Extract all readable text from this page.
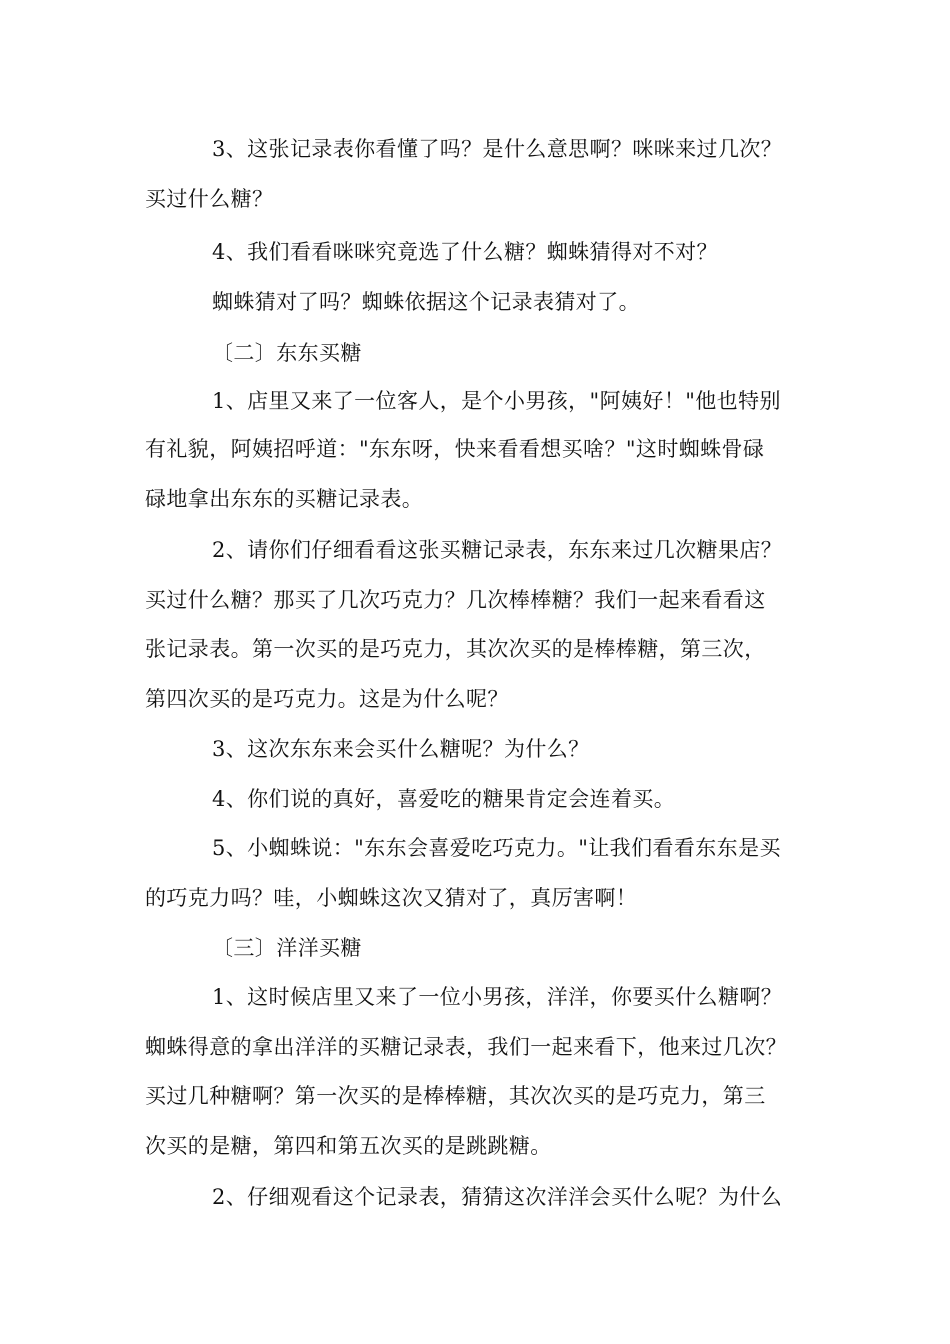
3、这张记录表你看懂了吗？是什么意思啊？咪咪来过几次？
买过什么糖？
4、我们看看咪咪究竟选了什么糖？蜘蛛猜得对不对？
蜘蛛猜对了吗？蜘蛛依据这个记录表猜对了。
〔二〕东东买糖
1、店里又来了一位客人，是个小男孩，"阿姨好！"他也特别
有礼貌，阿姨招呼道："东东呀，快来看看想买啥？"这时蜘蛛骨碌
碌地拿出东东的买糖记录表。
2、请你们仔细看看这张买糖记录表，东东来过几次糖果店？
买过什么糖？那买了几次巧克力？几次棒棒糖？我们一起来看看这
张记录表。第一次买的是巧克力，其次次买的是棒棒糖，第三次，
第四次买的是巧克力。这是为什么呢？
3、这次东东来会买什么糖呢？为什么？
4、你们说的真好，喜爱吃的糖果肯定会连着买。
5、小蜘蛛说："东东会喜爱吃巧克力。"让我们看看东东是买
的巧克力吗？哇，小蜘蛛这次又猜对了，真厉害啊！
〔三〕洋洋买糖
1、这时候店里又来了一位小男孩，洋洋，你要买什么糖啊？
蜘蛛得意的拿出洋洋的买糖记录表，我们一起来看下，他来过几次？
买过几种糖啊？第一次买的是棒棒糖，其次次买的是巧克力，第三
次买的是糖，第四和第五次买的是跳跳糖。
2、仔细观看这个记录表，猜猜这次洋洋会买什么呢？为什么
